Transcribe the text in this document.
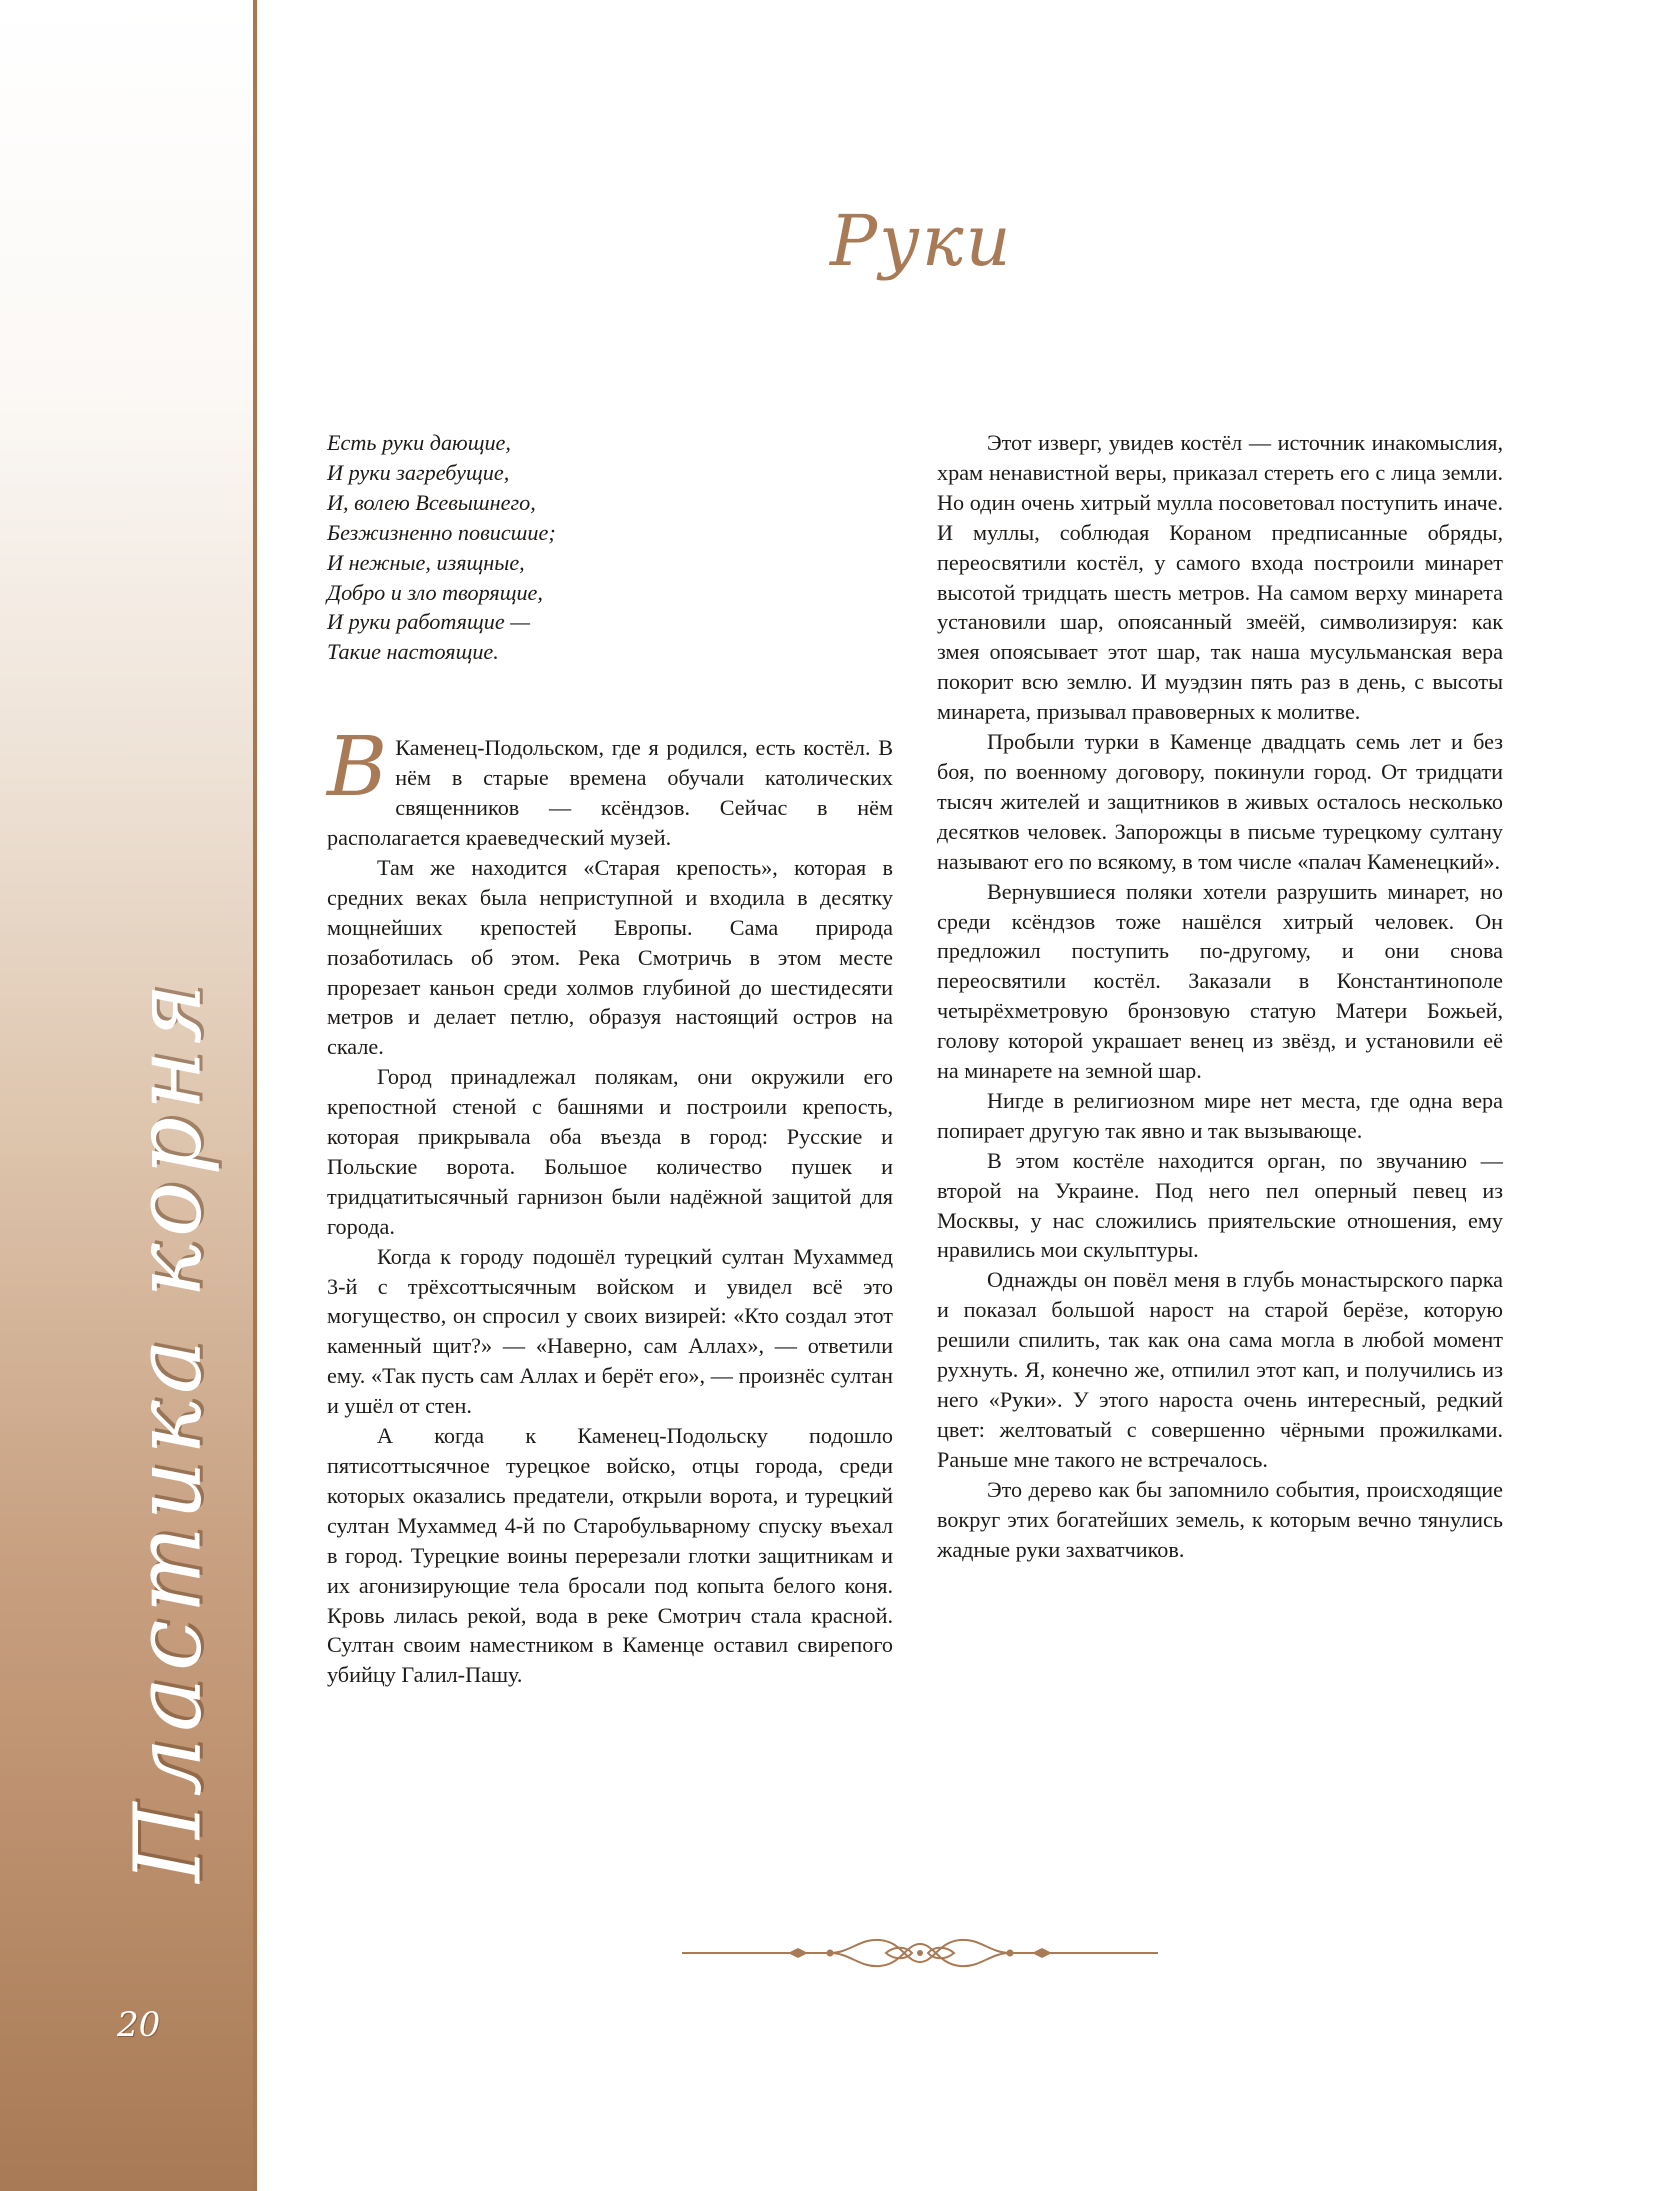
Пластика корня
20
Руки
Есть руки дающие,
И руки загребущие,
И, волею Всевышнего,
Безжизненно повисшие;
И нежные, изящные,
Добро и зло творящие,
И руки работящие —
Такие настоящие.

В Каменец-Подольском, где я родился, есть костёл. В нём в старые времена обучали католических священников — ксёндзов. Сейчас в нём располагается краеведческий музей.

Там же находится «Старая крепость», которая в средних веках была неприступной и входила в десятку мощнейших крепостей Европы. Сама природа позаботилась об этом. Река Смотричь в этом месте прорезает каньон среди холмов глубиной до шестидесяти метров и делает петлю, образуя настоящий остров на скале.

Город принадлежал полякам, они окружили его крепостной стеной с башнями и построили крепость, которая прикрывала оба въезда в город: Русские и Польские ворота. Большое количество пушек и тридцатитысячный гарнизон были надёжной защитой для города.

Когда к городу подошёл турецкий султан Мухаммед 3-й с трёхсоттысячным войском и увидел всё это могущество, он спросил у своих визирей: «Кто создал этот каменный щит?» — «Наверно, сам Аллах», — ответили ему. «Так пусть сам Аллах и берёт его», — произнёс султан и ушёл от стен.

А когда к Каменец-Подольску подошло пятисоттысячное турецкое войско, отцы города, среди которых оказались предатели, открыли ворота, и турецкий султан Мухаммед 4-й по Старобульварному спуску въехал в город. Турецкие воины перерезали глотки защитникам и их агонизирующие тела бросали под копыта белого коня. Кровь лилась рекой, вода в реке Смотрич стала красной. Султан своим наместником в Каменце оставил свирепого убийцу Галил-Пашу.

Этот изверг, увидев костёл — источник инакомыслия, храм ненавистной веры, приказал стереть его с лица земли. Но один очень хитрый мулла посоветовал поступить иначе. И муллы, соблюдая Кораном предписанные обряды, переосвятили костёл, у самого входа построили минарет высотой тридцать шесть метров. На самом верху минарета установили шар, опоясанный змеёй, символизируя: как змея опоясывает этот шар, так наша мусульманская вера покорит всю землю. И муэдзин пять раз в день, с высоты минарета, призывал правоверных к молитве.

Пробыли турки в Каменце двадцать семь лет и без боя, по военному договору, покинули город. От тридцати тысяч жителей и защитников в живых осталось несколько десятков человек. Запорожцы в письме турецкому султану называют его по всякому, в том числе «палач Каменецкий».

Вернувшиеся поляки хотели разрушить минарет, но среди ксёндзов тоже нашёлся хитрый человек. Он предложил поступить по-другому, и они снова переосвятили костёл. Заказали в Константинополе четырёхметровую бронзовую статую Матери Божьей, голову которой украшает венец из звёзд, и установили её на минарете на земной шар.

Нигде в религиозном мире нет места, где одна вера попирает другую так явно и так вызывающе.

В этом костёле находится орган, по звучанию — второй на Украине. Под него пел оперный певец из Москвы, у нас сложились приятельские отношения, ему нравились мои скульптуры.

Однажды он повёл меня в глубь монастырского парка и показал большой нарост на старой берёзе, которую решили спилить, так как она сама могла в любой момент рухнуть. Я, конечно же, отпилил этот кап, и получились из него «Руки». У этого нароста очень интересный, редкий цвет: желтоватый с совершенно чёрными прожилками. Раньше мне такого не встречалось.

Это дерево как бы запомнило события, происходящие вокруг этих богатейших земель, к которым вечно тянулись жадные руки захватчиков.
